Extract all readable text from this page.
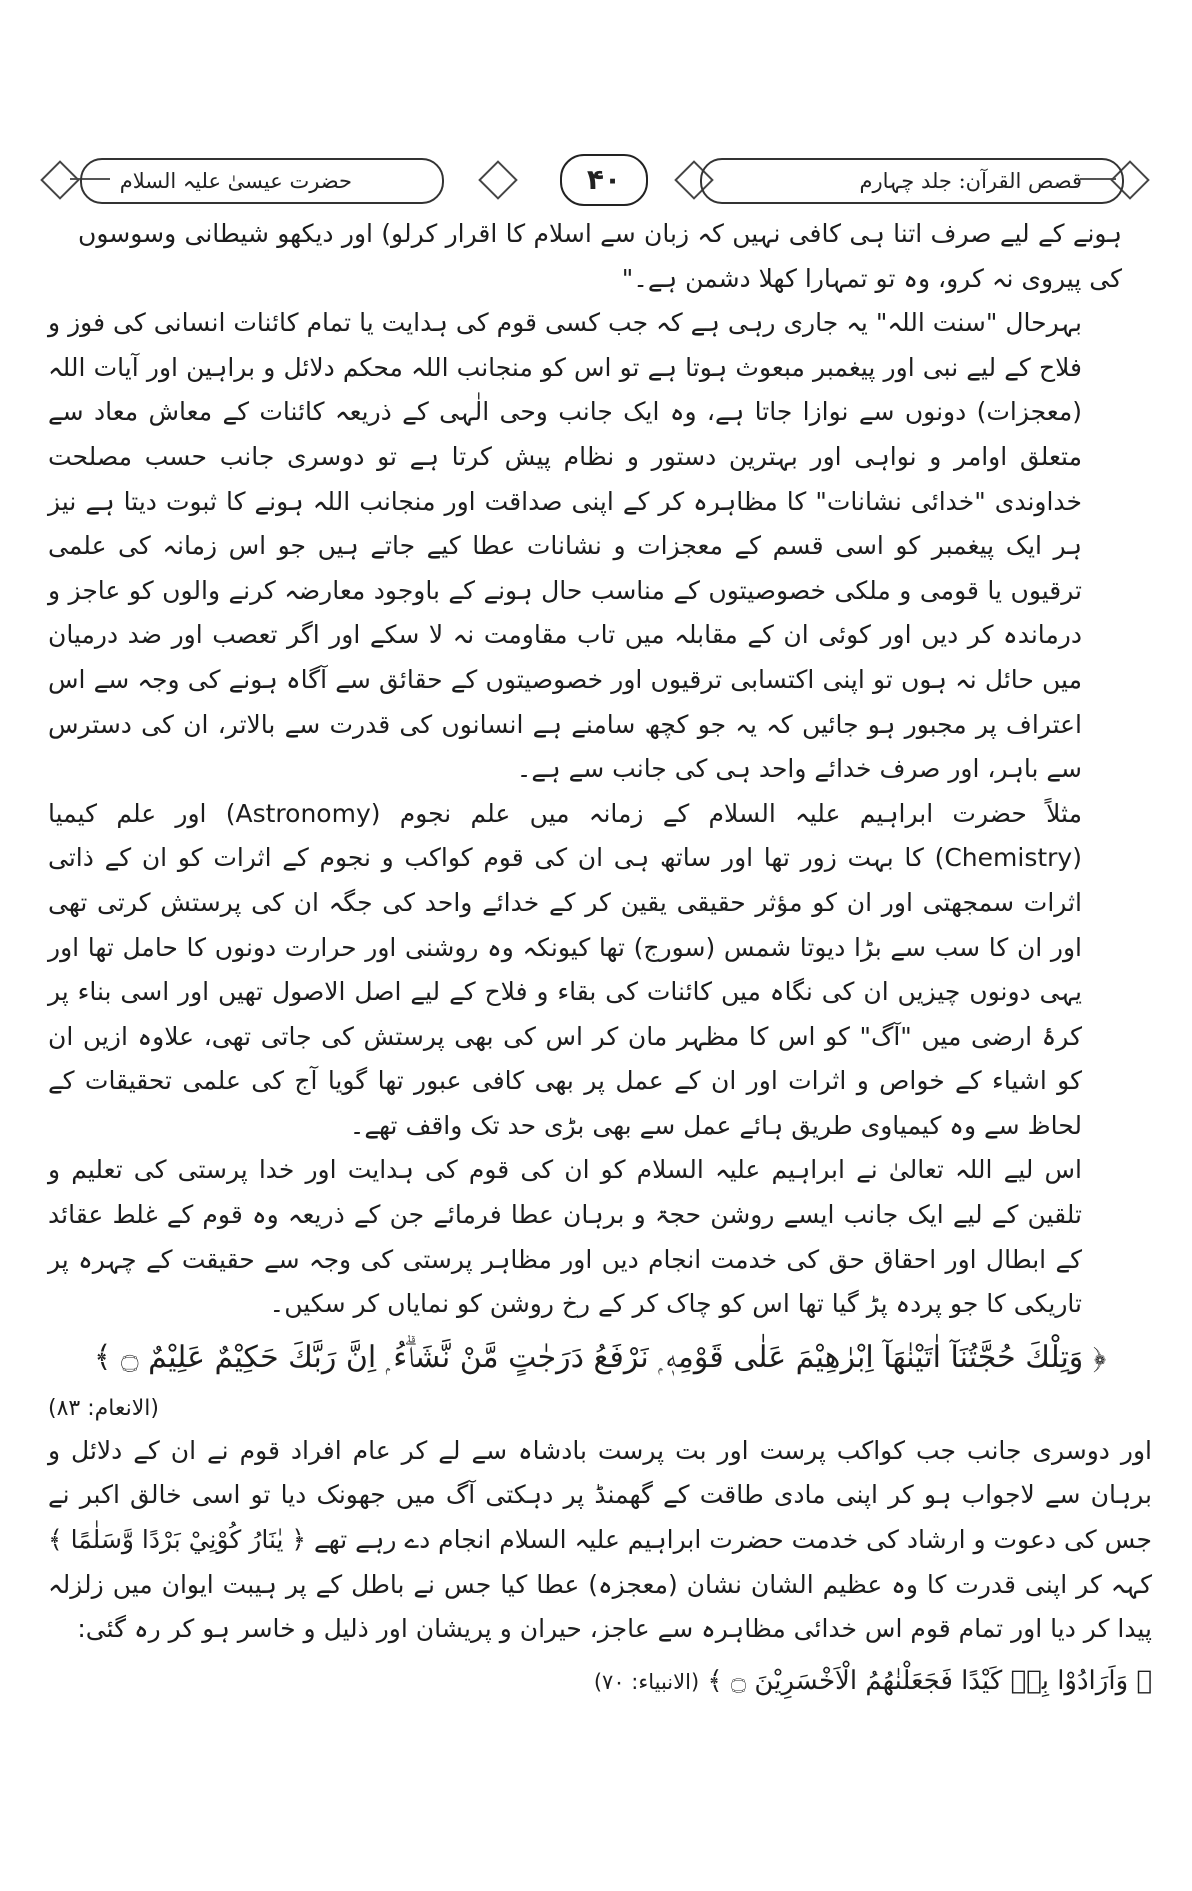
حضرت عیسیٰ علیہ السلام	۴۰	قصص القرآن: جلد چہارم

ہونے کے لیے صرف اتنا ہی کافی نہیں کہ زبان سے اسلام کا اقرار کرلو) اور دیکھو شیطانی وسوسوں کی پیروی نہ کرو، وہ تو تمہارا کھلا دشمن ہے۔"

بہرحال "سنت اللہ" یہ جاری رہی ہے کہ جب کسی قوم کی ہدایت یا تمام کائنات انسانی کی فوز و فلاح کے لیے نبی اور پیغمبر مبعوث ہوتا ہے تو اس کو منجانب اللہ محکم دلائل و براہین اور آیات اللہ (معجزات) دونوں سے نوازا جاتا ہے، وہ ایک جانب وحی الٰہی کے ذریعہ کائنات کے معاش معاد سے متعلق اوامر و نواہی اور بہترین دستور و نظام پیش کرتا ہے تو دوسری جانب حسب مصلحت خداوندی "خدائی نشانات" کا مظاہرہ کر کے اپنی صداقت اور منجانب اللہ ہونے کا ثبوت دیتا ہے نیز ہر ایک پیغمبر کو اسی قسم کے معجزات و نشانات عطا کیے جاتے ہیں جو اس زمانہ کی علمی ترقیوں یا قومی و ملکی خصوصیتوں کے مناسب حال ہونے کے باوجود معارضہ کرنے والوں کو عاجز و درماندہ کر دیں اور کوئی ان کے مقابلہ میں تاب مقاومت نہ لا سکے اور اگر تعصب اور ضد درمیان میں حائل نہ ہوں تو اپنی اکتسابی ترقیوں اور خصوصیتوں کے حقائق سے آگاہ ہونے کی وجہ سے اس اعتراف پر مجبور ہو جائیں کہ یہ جو کچھ سامنے ہے انسانوں کی قدرت سے بالاتر، ان کی دسترس سے باہر، اور صرف خدائے واحد ہی کی جانب سے ہے۔

مثلاً حضرت ابراہیم علیہ السلام کے زمانہ میں علم نجوم (Astronomy) اور علم کیمیا (Chemistry) کا بہت زور تھا اور ساتھ ہی ان کی قوم کواکب و نجوم کے اثرات کو ان کے ذاتی اثرات سمجھتی اور ان کو مؤثر حقیقی یقین کر کے خدائے واحد کی جگہ ان کی پرستش کرتی تھی اور ان کا سب سے بڑا دیوتا شمس (سورج) تھا کیونکہ وہ روشنی اور حرارت دونوں کا حامل تھا اور یہی دونوں چیزیں ان کی نگاہ میں کائنات کی بقاء و فلاح کے لیے اصل الاصول تھیں اور اسی بناء پر کرۂ ارضی میں "آگ" کو اس کا مظہر مان کر اس کی بھی پرستش کی جاتی تھی، علاوہ ازیں ان کو اشیاء کے خواص و اثرات اور ان کے عمل پر بھی کافی عبور تھا گویا آج کی علمی تحقیقات کے لحاظ سے وہ کیمیاوی طریق ہائے عمل سے بھی بڑی حد تک واقف تھے۔

اس لیے اللہ تعالیٰ نے ابراہیم علیہ السلام کو ان کی قوم کی ہدایت اور خدا پرستی کی تعلیم و تلقین کے لیے ایک جانب ایسے روشن حجۃ و برہان عطا فرمائے جن کے ذریعہ وہ قوم کے غلط عقائد کے ابطال اور احقاق حق کی خدمت انجام دیں اور مظاہر پرستی کی وجہ سے حقیقت کے چہرہ پر تاریکی کا جو پردہ پڑ گیا تھا اس کو چاک کر کے رخ روشن کو نمایاں کر سکیں۔

﴿ وَتِلْكَ حُجَّتُنَآ اٰتَيْنٰهَآ اِبْرٰهِيْمَ عَلٰى قَوْمِهٖ ۭ نَرْفَعُ دَرَجٰتٍ مَّنْ نَّشَاۗءُ ۭ اِنَّ رَبَّكَ حَكِيْمٌ عَلِيْمٌ ۝ ﴾

(الانعام: ۸۳)

اور دوسری جانب جب کواکب پرست اور بت پرست بادشاہ سے لے کر عام افراد قوم نے ان کے دلائل و برہان سے لاجواب ہو کر اپنی مادی طاقت کے گھمنڈ پر دہکتی آگ میں جھونک دیا تو اسی خالق اکبر نے جس کی دعوت و ارشاد کی خدمت حضرت ابراہیم علیہ السلام انجام دے رہے تھے ﴿ يٰنَارُ كُوْنِيْ بَرْدًا وَّسَلٰمًا ﴾ کہہ کر اپنی قدرت کا وہ عظیم الشان نشان (معجزہ) عطا کیا جس نے باطل کے پر ہیبت ایوان میں زلزلہ پیدا کر دیا اور تمام قوم اس خدائی مظاہرہ سے عاجز، حیران و پریشان اور ذلیل و خاسر ہو کر رہ گئی:

﴿ وَاَرَادُوْا بِهٖ كَيْدًا فَجَعَلْنٰهُمُ الْاَخْسَرِيْنَ ۝ ﴾ (الانبیاء: ۷۰)
